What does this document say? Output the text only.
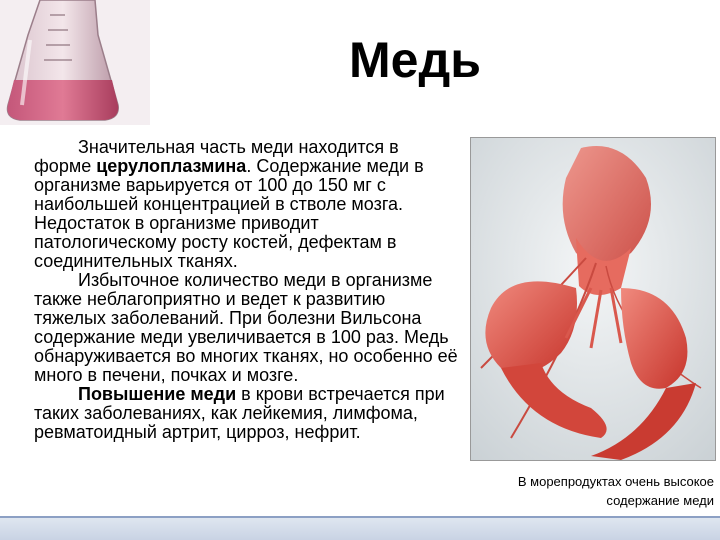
Медь

Значительная часть меди находится в форме церулоплазмина. Содержание меди в организме варьируется от 100 до 150 мг с наибольшей концентрацией в стволе мозга. Недостаток в организме приводит патологическому росту костей, дефектам в соединительных тканях.

Избыточное количество меди в организме также неблагоприятно и ведет к развитию тяжелых заболеваний. При болезни Вильсона содержание меди увеличивается в 100 раз. Медь обнаруживается во многих тканях, но особенно её много в печени, почках и мозге.

Повышение меди в крови встречается при таких заболеваниях, как лейкемия, лимфома, ревматоидный артрит, цирроз, нефрит.

В морепродуктах очень высокое
содержание меди
